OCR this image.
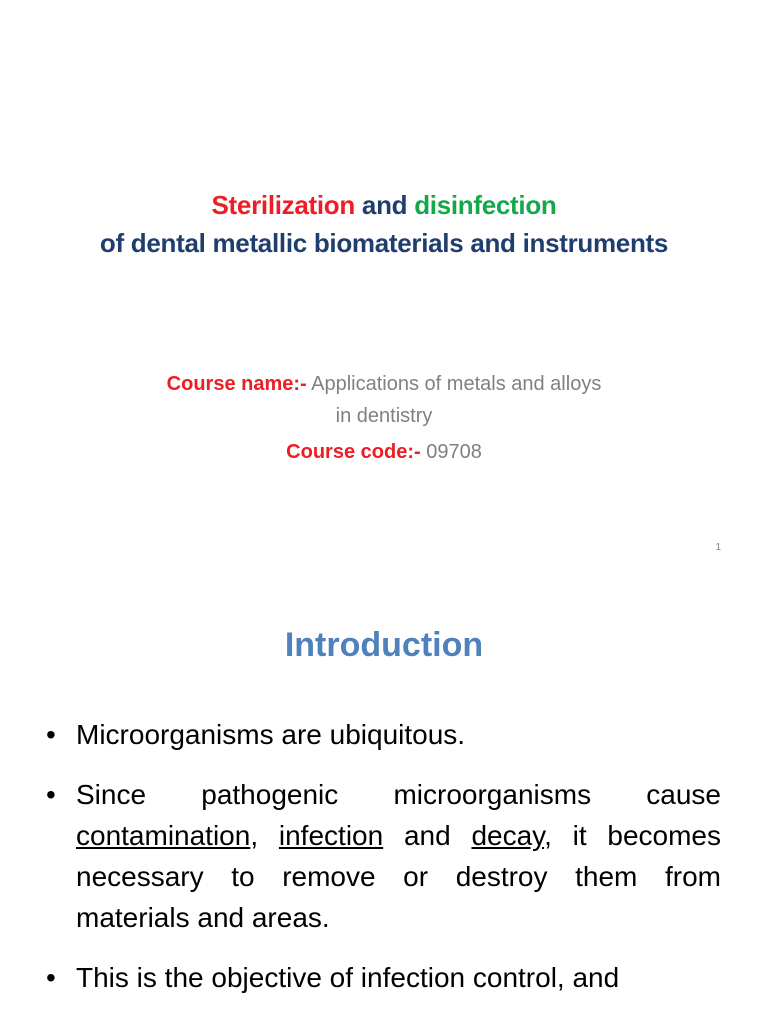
Sterilization and disinfection
of dental metallic biomaterials and instruments
Course name:- Applications of metals and alloys
in dentistry
Course code:- 09708
1
Introduction
• Microorganisms are ubiquitous.
• Since pathogenic microorganisms cause contamination, infection and decay, it becomes necessary to remove or destroy them from materials and areas.
• This is the objective of infection control, and
